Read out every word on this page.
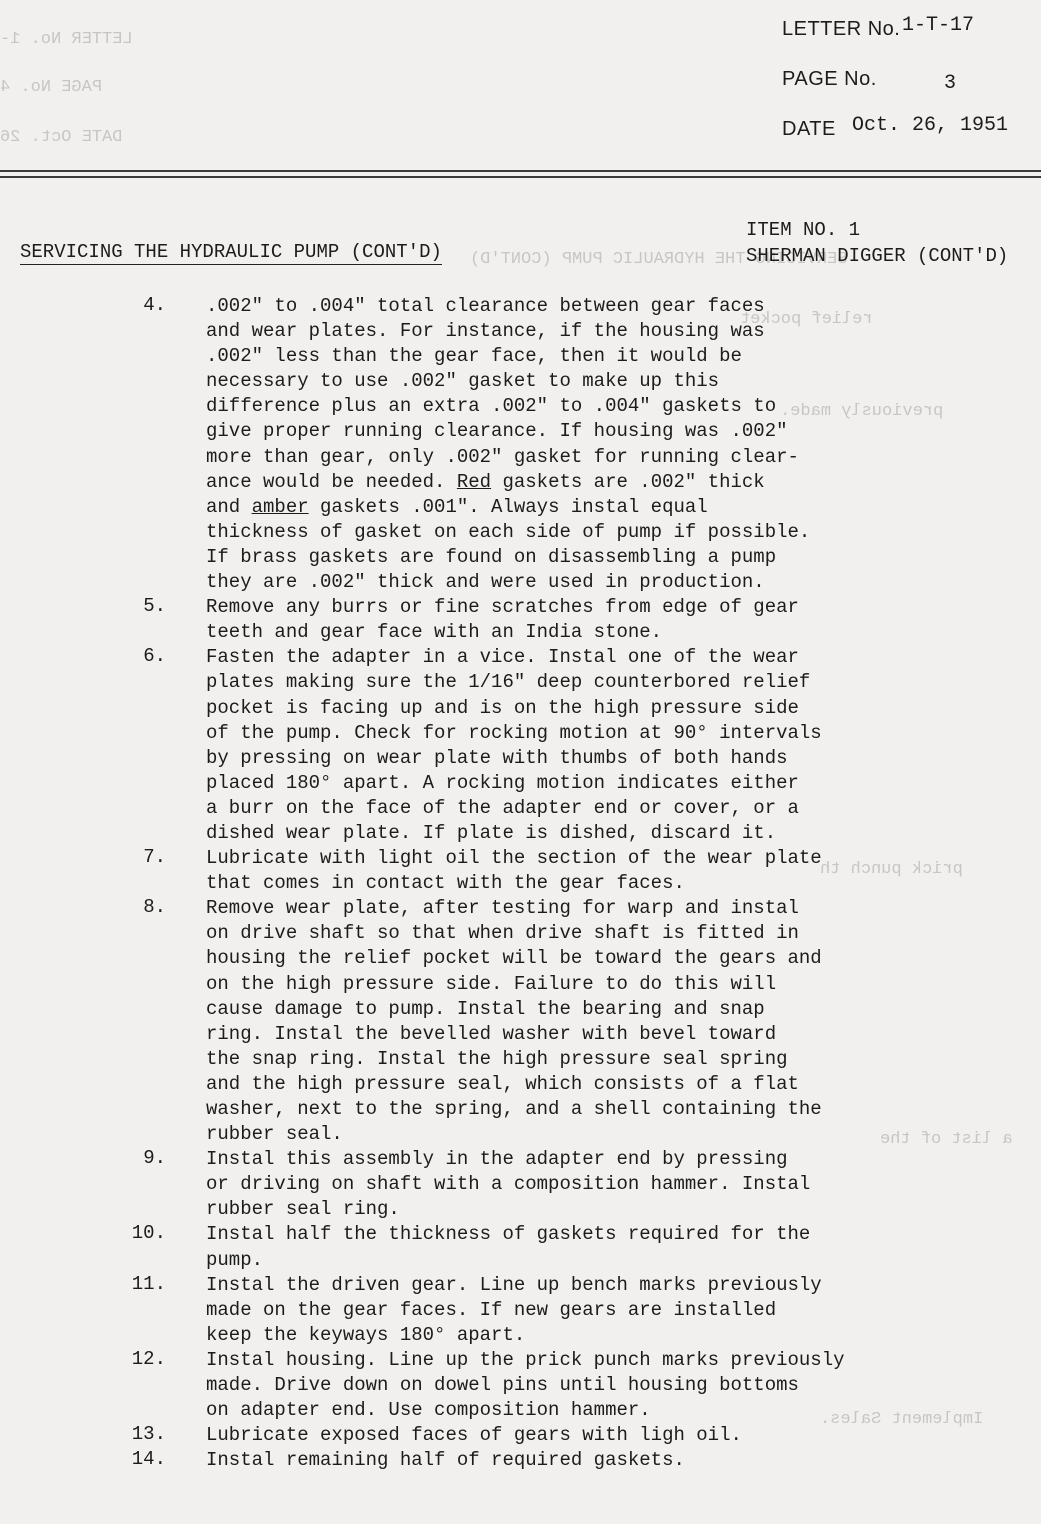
LETTER No. 1-
PAGE No. 4
DATE Oct. 26
SERVICING THE HYDRAULIC PUMP (CONT'D)
relief pocket
previously made.
prick punch th
a list of the
Implement Sales.
LETTER No. 1-T-17
PAGE No.	3
DATE Oct. 26, 1951
SERVICING THE HYDRAULIC PUMP (CONT'D)
ITEM NO. 1
SHERMAN DIGGER (CONT'D)
4. .002" to .004" total clearance between gear faces
and wear plates. For instance, if the housing was
.002" less than the gear face, then it would be
necessary to use .002" gasket to make up this
difference plus an extra .002" to .004" gaskets to
give proper running clearance. If housing was .002"
more than gear, only .002" gasket for running clear-
ance would be needed. Red gaskets are .002" thick
and amber gaskets .001". Always instal equal
thickness of gasket on each side of pump if possible.
If brass gaskets are found on disassembling a pump
they are .002" thick and were used in production.
5. Remove any burrs or fine scratches from edge of gear
teeth and gear face with an India stone.
6. Fasten the adapter in a vice. Instal one of the wear
plates making sure the 1/16" deep counterbored relief
pocket is facing up and is on the high pressure side
of the pump. Check for rocking motion at 90° intervals
by pressing on wear plate with thumbs of both hands
placed 180° apart. A rocking motion indicates either
a burr on the face of the adapter end or cover, or a
dished wear plate. If plate is dished, discard it.
7. Lubricate with light oil the section of the wear plate
that comes in contact with the gear faces.
8. Remove wear plate, after testing for warp and instal
on drive shaft so that when drive shaft is fitted in
housing the relief pocket will be toward the gears and
on the high pressure side. Failure to do this will
cause damage to pump. Instal the bearing and snap
ring. Instal the bevelled washer with bevel toward
the snap ring. Instal the high pressure seal spring
and the high pressure seal, which consists of a flat
washer, next to the spring, and a shell containing the
rubber seal.
9. Instal this assembly in the adapter end by pressing
or driving on shaft with a composition hammer. Instal
rubber seal ring.
10. Instal half the thickness of gaskets required for the
pump.
11. Instal the driven gear. Line up bench marks previously
made on the gear faces. If new gears are installed
keep the keyways 180° apart.
12. Instal housing. Line up the prick punch marks previously
made. Drive down on dowel pins until housing bottoms
on adapter end. Use composition hammer.
13. Lubricate exposed faces of gears with ligh oil.
14. Instal remaining half of required gaskets.
